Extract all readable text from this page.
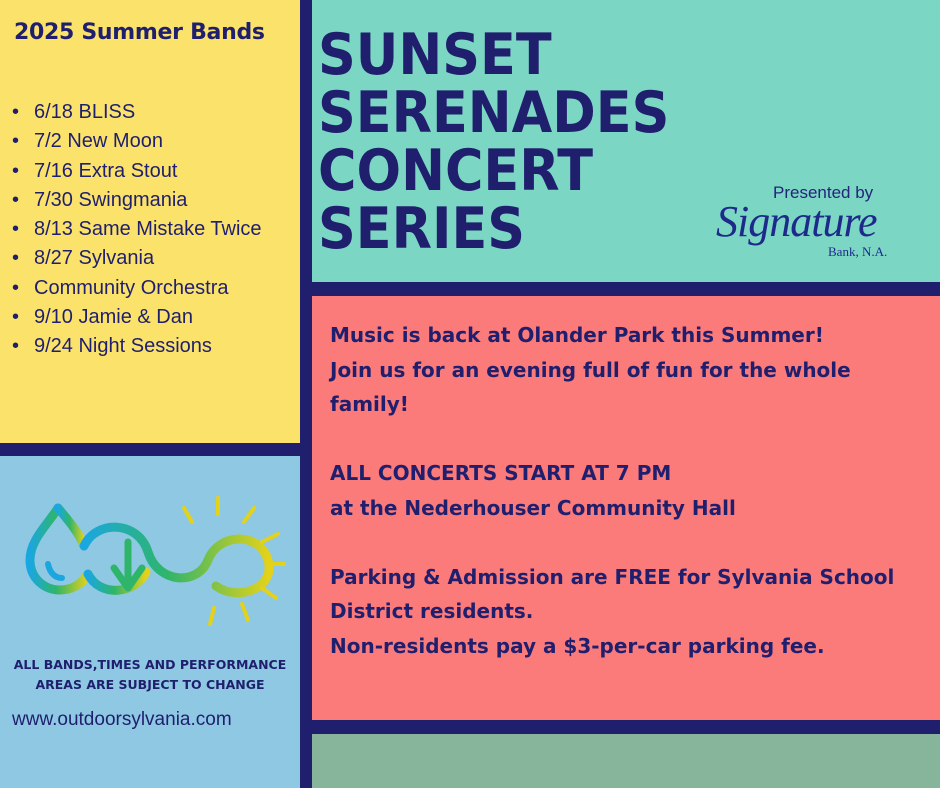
2025 Summer Bands
• 6/18 BLISS
• 7/2 New Moon
• 7/16 Extra Stout
• 7/30 Swingmania
• 8/13 Same Mistake Twice
• 8/27 Sylvania
• Community Orchestra
• 9/10 Jamie & Dan
• 9/24 Night Sessions
SUNSET
SERENADES
CONCERT
SERIES
Presented by
Signature
Bank, N.A.

Music is back at Olander Park this Summer!
Join us for an evening full of fun for the whole family!

ALL CONCERTS START AT 7 PM
at the Nederhouser Community Hall

Parking & Admission are FREE for Sylvania School District residents.
Non-residents pay a $3-per-car parking fee.

ALL BANDS,TIMES AND PERFORMANCE
AREAS ARE SUBJECT TO CHANGE
www.outdoorsylvania.com
